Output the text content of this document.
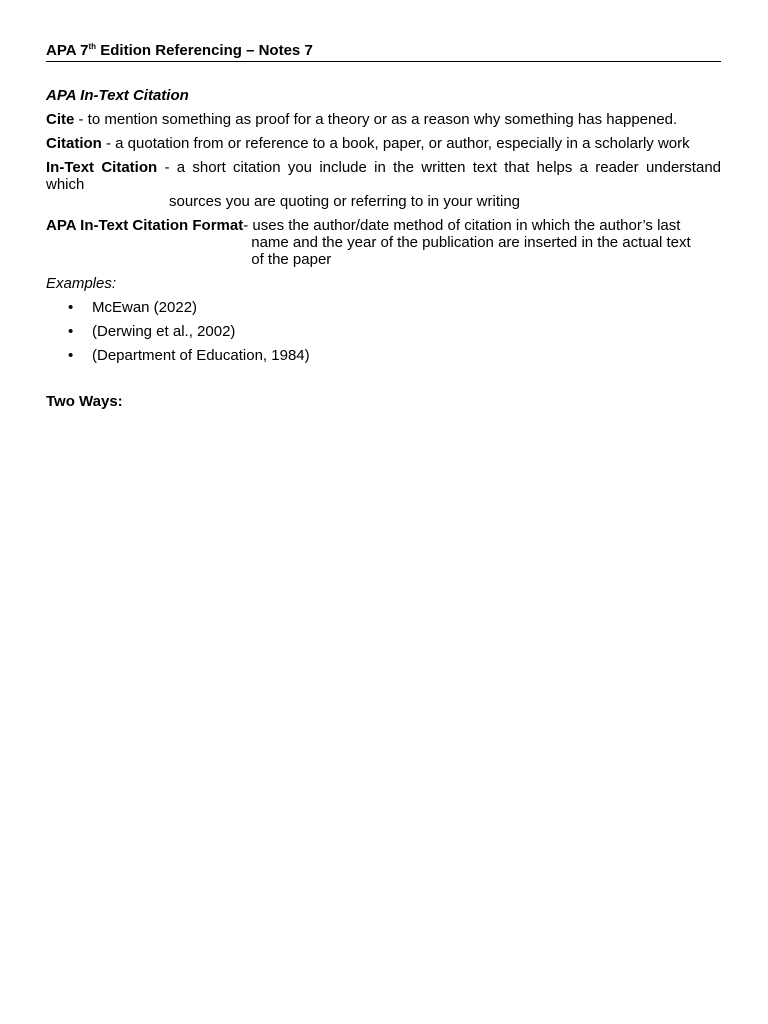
APA 7th Edition Referencing – Notes 7
APA In-Text Citation
Cite - to mention something as proof for a theory or as a reason why something has happened.
Citation - a quotation from or reference to a book, paper, or author, especially in a scholarly work
In-Text Citation - a short citation you include in the written text that helps a reader understand
which
sources you are quoting or referring to in your writing
APA In-Text Citation Format - uses the author/date method of citation in which the author’s last
name and the year of the publication are inserted in the actual text
of the paper
Examples:
• McEwan (2022)
• (Derwing et al., 2002)
• (Department of Education, 1984)
Two Ways:
